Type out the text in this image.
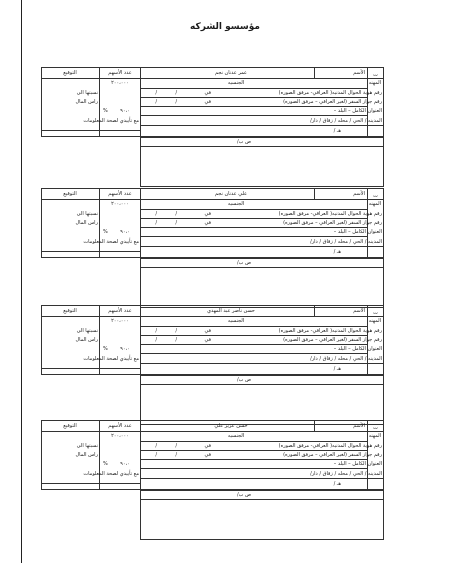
مؤسسو الشركه
التوقيع	عدد الأسهم	عمر عدنان نجم	الأسم	ت
الجنسيه	المهنه
٢٠٠،٠٠٠
رقم هوية الحوال المدنيه( العراقي- مرفق الصوره)
نسبتها الى	/	/	في
رقم جواز السفر (لغير العراقي – مرفق الصوره)
راس المال	/	/	في
العنوان الكامل – البلد –
%	٩٠،٠
مع تأييدي لصحة المعلومات	المدينه / الحي / محله / زقاق / دار/
هـ /
ص ب/
التوقيع	عدد الأسهم	علي عدنان نجم	الأسم	ت
الجنسيه	المهنه
٢٠٠،٠٠٠
رقم هوية الحوال المدنيه( العراقي- مرفق الصوره)
نسبتها الى	/	/	في
رقم جواز السفر (لغير العراقي – مرفق الصوره)
راس المال	/	/	في
العنوان الكامل – البلد –
%	٩٠،٠
مع تأييدي لصحة المعلومات	المدينه / الحي / محله / زقاق / دار/
هـ /
ص ب/
التوقيع	عدد الأسهم	حسن ناصر عبد المهدي	الأسم	ت
الجنسيه	المهنه
٢٠٠،٠٠٠
رقم هوية الحوال المدنيه( العراقي- مرفق الصوره)
نسبتها الى	/	/	في
رقم جواز السفر (لغير العراقي – مرفق الصوره)
راس المال	/	/	في
العنوان الكامل – البلد –
%	٩٠،٠
مع تأييدي لصحة المعلومات	المدينه / الحي / محله / زقاق / دار/
هـ /
ص ب/
التوقيع	عدد الأسهم	حسن عزيز علي	الأسم	ت
الجنسيه	المهنه
٢٠٠،٠٠٠
رقم هوية الحوال المدنيه( العراقي- مرفق الصوره)
نسبتها الى	/	/	في
رقم جواز السفر (لغير العراقي – مرفق الصوره)
راس المال	/	/	في
العنوان الكامل – البلد –
%	٩٠،٠
مع تأييدي لصحة المعلومات	المدينه / الحي / محله / زقاق / دار/
هـ /
ص ب/
